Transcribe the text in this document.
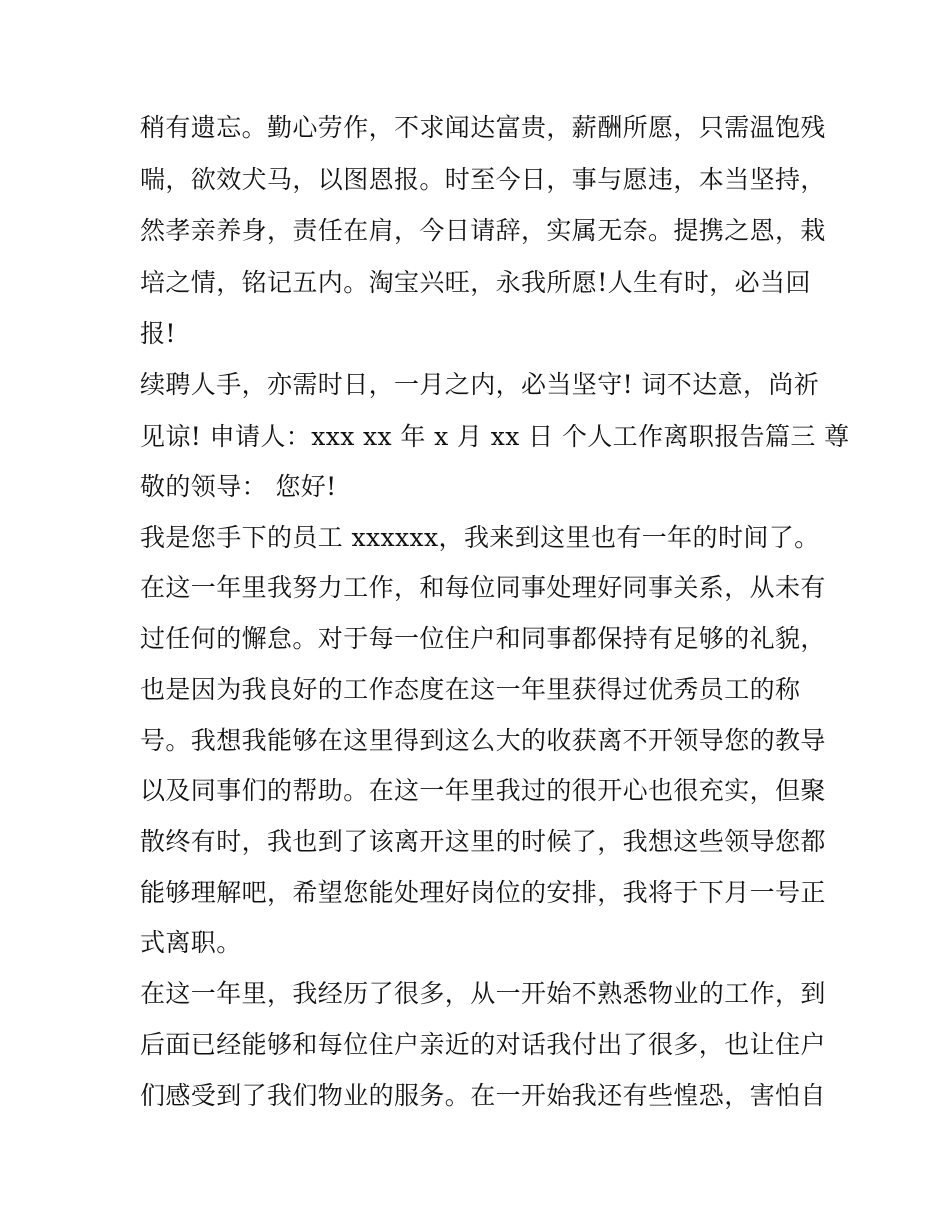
稍有遗忘。勤心劳作，不求闻达富贵，薪酬所愿，只需温饱残
喘，欲效犬马，以图恩报。时至今日，事与愿违，本当坚持，
然孝亲养身，责任在肩，今日请辞，实属无奈。提携之恩，栽
培之情，铭记五内。淘宝兴旺，永我所愿!人生有时，必当回
报!
续聘人手，亦需时日，一月之内，必当坚守! 词不达意，尚祈
见谅! 申请人：xxx xx 年 x 月 xx 日 个人工作离职报告篇三 尊
敬的领导： 您好!
我是您手下的员工 xxxxxx，我来到这里也有一年的时间了。
在这一年里我努力工作，和每位同事处理好同事关系，从未有
过任何的懈怠。对于每一位住户和同事都保持有足够的礼貌，
也是因为我良好的工作态度在这一年里获得过优秀员工的称
号。我想我能够在这里得到这么大的收获离不开领导您的教导
以及同事们的帮助。在这一年里我过的很开心也很充实，但聚
散终有时，我也到了该离开这里的时候了，我想这些领导您都
能够理解吧，希望您能处理好岗位的安排，我将于下月一号正
式离职。
在这一年里，我经历了很多，从一开始不熟悉物业的工作，到
后面已经能够和每位住户亲近的对话我付出了很多，也让住户
们感受到了我们物业的服务。在一开始我还有些惶恐，害怕自
